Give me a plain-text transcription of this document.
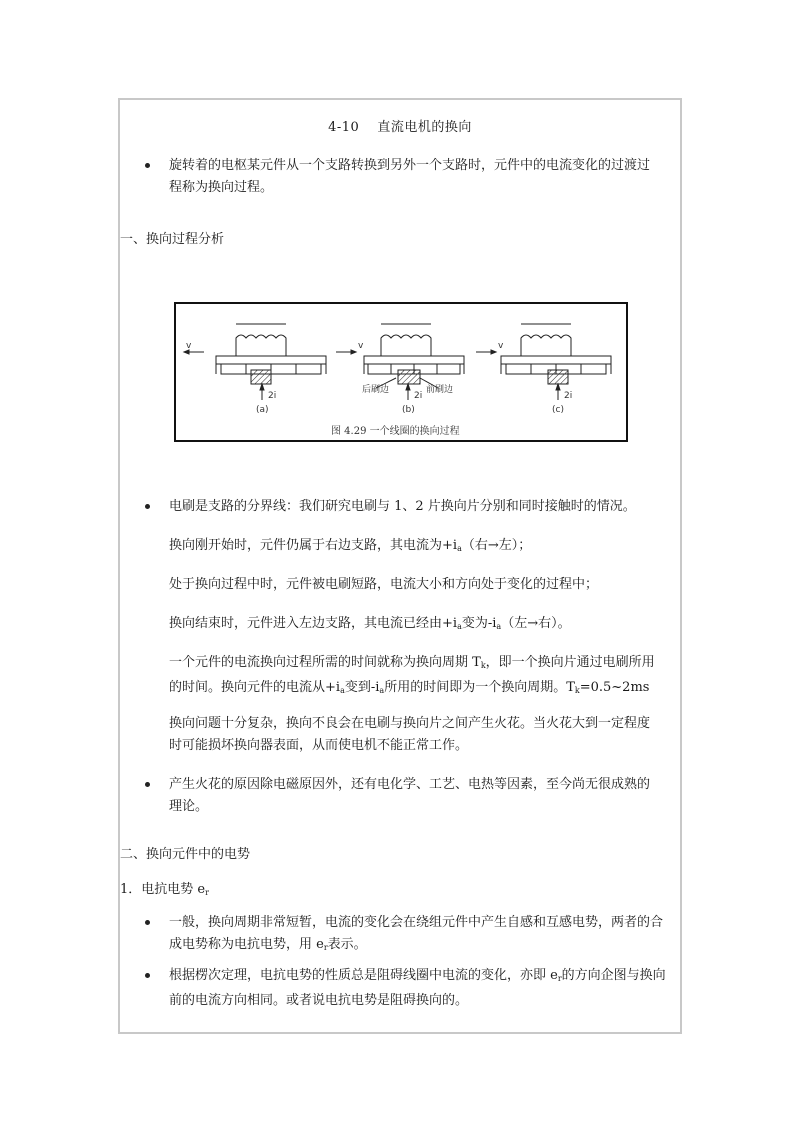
4-10 直流电机的换向
旋转着的电枢某元件从一个支路转换到另外一个支路时，元件中的电流变化的过渡过
程称为换向过程。
一、换向过程分析
v
2i
(a)
v
后刷边	前刷边
2i
(b)
v
2i
(c)
图 4.29 一个线圈的换向过程
电刷是支路的分界线：我们研究电刷与 1、2 片换向片分别和同时接触时的情况。
换向刚开始时，元件仍属于右边支路，其电流为$+i_a$（右→左）；
处于换向过程中时，元件被电刷短路，电流大小和方向处于变化的过程中；
换向结束时，元件进入左边支路，其电流已经由$+i_a$变为$-i_a$（左→右）。
一个元件的电流换向过程所需的时间就称为换向周期 $T_k$，即一个换向片通过电刷所用
的时间。换向元件的电流从$+i_a$变到$-i_a$所用的时间即为一个换向周期。$T_k=0.5\sim 2ms$
换向问题十分复杂，换向不良会在电刷与换向片之间产生火花。当火花大到一定程度
时可能损坏换向器表面，从而使电机不能正常工作。
产生火花的原因除电磁原因外，还有电化学、工艺、电热等因素，至今尚无很成熟的
理论。
二、换向元件中的电势
1．电抗电势 $e_r$
一般，换向周期非常短暂，电流的变化会在绕组元件中产生自感和互感电势，两者的合
成电势称为电抗电势，用 $e_r$表示。
根据楞次定理，电抗电势的性质总是阻碍线圈中电流的变化，亦即 $e_r$的方向企图与换向
前的电流方向相同。或者说电抗电势是阻碍换向的。
